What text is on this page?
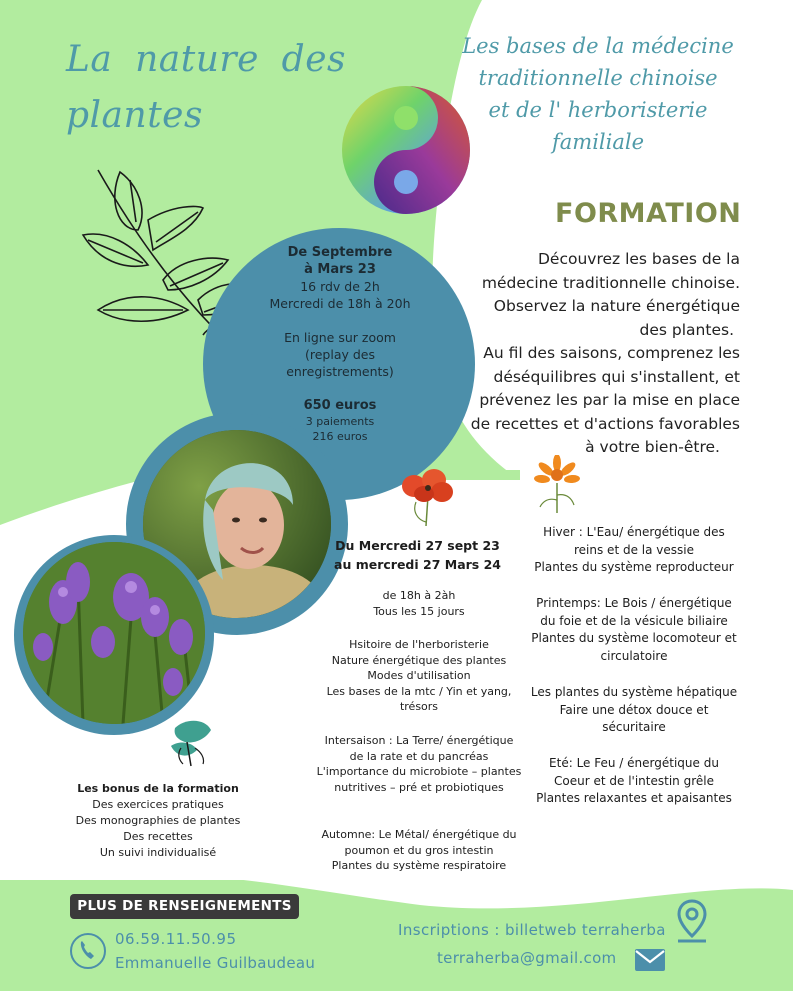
La nature des
plantes
Les bases de la médecine
traditionnelle chinoise
et de l' herboristerie
familiale
FORMATION
Découvrez les bases de la
médecine traditionnelle chinoise.
Observez la nature énergétique
des plantes.
Au fil des saisons, comprenez les
déséquilibres qui s'installent, et
prévenez les par la mise en place
de recettes et d'actions favorables
à votre bien-être.
De Septembre
à Mars 23
16 rdv de 2h
Mercredi de 18h à 20h
En ligne sur zoom
(replay des
enregistrements)
650 euros
3 paiements
216 euros
Du Mercredi 27 sept 23
au mercredi 27 Mars 24
de 18h à 2àh
Tous les 15 jours
Hsitoire de l'herboristerie
Nature énergétique des plantes
Modes d'utilisation
Les bases de la mtc / Yin et yang,
trésors
Intersaison : La Terre/ énergétique
de la rate et du pancréas
L'importance du microbiote – plantes
nutritives – pré et probiotiques
Automne: Le Métal/ énergétique du
poumon et du gros intestin
Plantes du système respiratoire
Hiver : L'Eau/ énergétique des
reins et de la vessie
Plantes du système reproducteur
Printemps: Le Bois / énergétique
du foie et de la vésicule biliaire
Plantes du système locomoteur et
circulatoire
Les plantes du système hépatique
Faire une détox douce et
sécuritaire
Eté: Le Feu / énergétique du
Coeur et de l'intestin grêle
Plantes relaxantes et apaisantes
Les bonus de la formation
Des exercices pratiques
Des monographies de plantes
Des recettes
Un suivi individualisé
PLUS DE RENSEIGNEMENTS
06.59.11.50.95
Emmanuelle Guilbaudeau
Inscriptions : billetweb terraherba
terraherba@gmail.com
